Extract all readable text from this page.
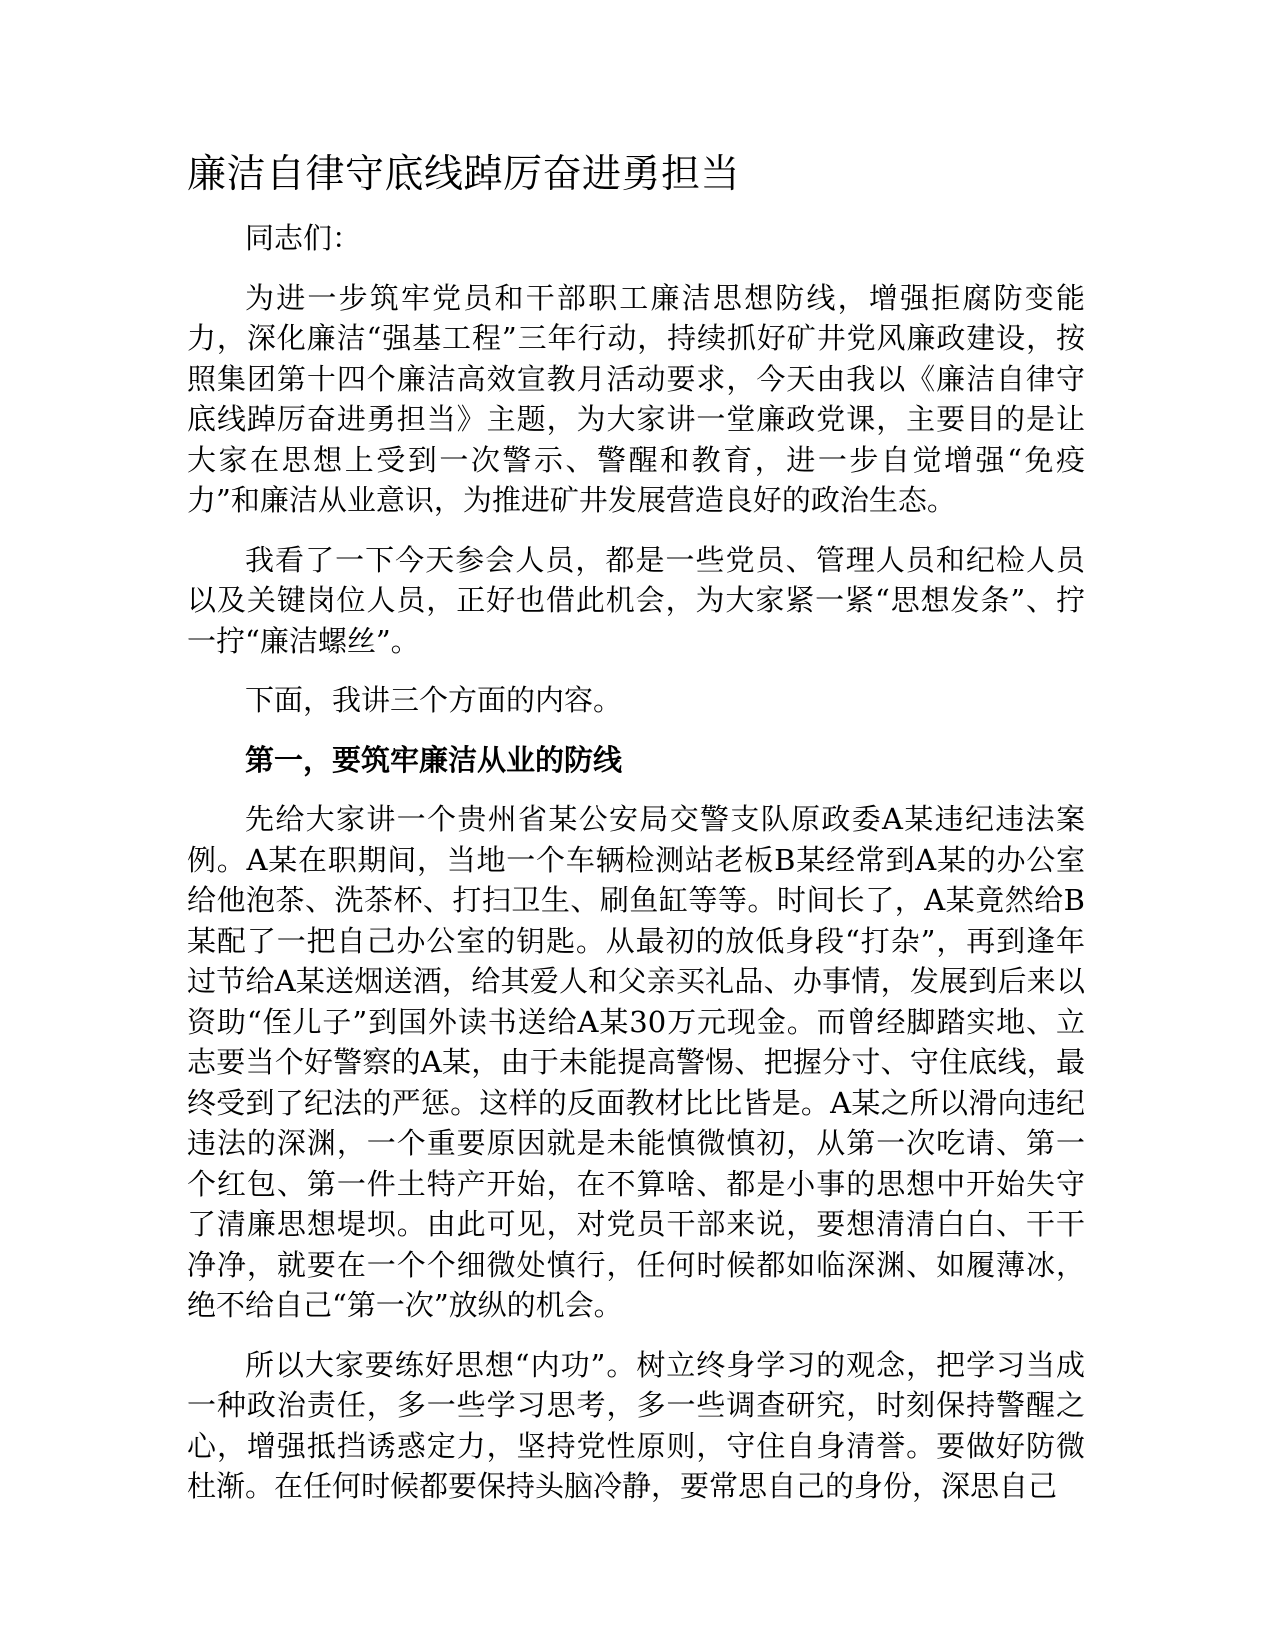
廉洁自律守底线踔厉奋进勇担当

同志们：

为进一步筑牢党员和干部职工廉洁思想防线，增强拒腐防变能力，深化廉洁“强基工程”三年行动，持续抓好矿井党风廉政建设，按照集团第十四个廉洁高效宣教月活动要求，今天由我以《廉洁自律守底线踔厉奋进勇担当》主题，为大家讲一堂廉政党课，主要目的是让大家在思想上受到一次警示、警醒和教育，进一步自觉增强“免疫力”和廉洁从业意识，为推进矿井发展营造良好的政治生态。

我看了一下今天参会人员，都是一些党员、管理人员和纪检人员以及关键岗位人员，正好也借此机会，为大家紧一紧“思想发条”、拧一拧“廉洁螺丝”。

下面，我讲三个方面的内容。

第一，要筑牢廉洁从业的防线

先给大家讲一个贵州省某公安局交警支队原政委A某违纪违法案例。A某在职期间，当地一个车辆检测站老板B某经常到A某的办公室给他泡茶、洗茶杯、打扫卫生、刷鱼缸等等。时间长了，A某竟然给B某配了一把自己办公室的钥匙。从最初的放低身段“打杂”，再到逢年过节给A某送烟送酒，给其爱人和父亲买礼品、办事情，发展到后来以资助“侄儿子”到国外读书送给A某30万元现金。而曾经脚踏实地、立志要当个好警察的A某，由于未能提高警惕、把握分寸、守住底线，最终受到了纪法的严惩。这样的反面教材比比皆是。A某之所以滑向违纪违法的深渊，一个重要原因就是未能慎微慎初，从第一次吃请、第一个红包、第一件土特产开始，在不算啥、都是小事的思想中开始失守了清廉思想堤坝。由此可见，对党员干部来说，要想清清白白、干干净净，就要在一个个细微处慎行，任何时候都如临深渊、如履薄冰，绝不给自己“第一次”放纵的机会。

所以大家要练好思想“内功”。树立终身学习的观念，把学习当成一种政治责任，多一些学习思考，多一些调查研究，时刻保持警醒之心，增强抵挡诱惑定力，坚持党性原则，守住自身清誉。要做好防微杜渐。在任何时候都要保持头脑冷静，要常思自己的身份，深思自己
